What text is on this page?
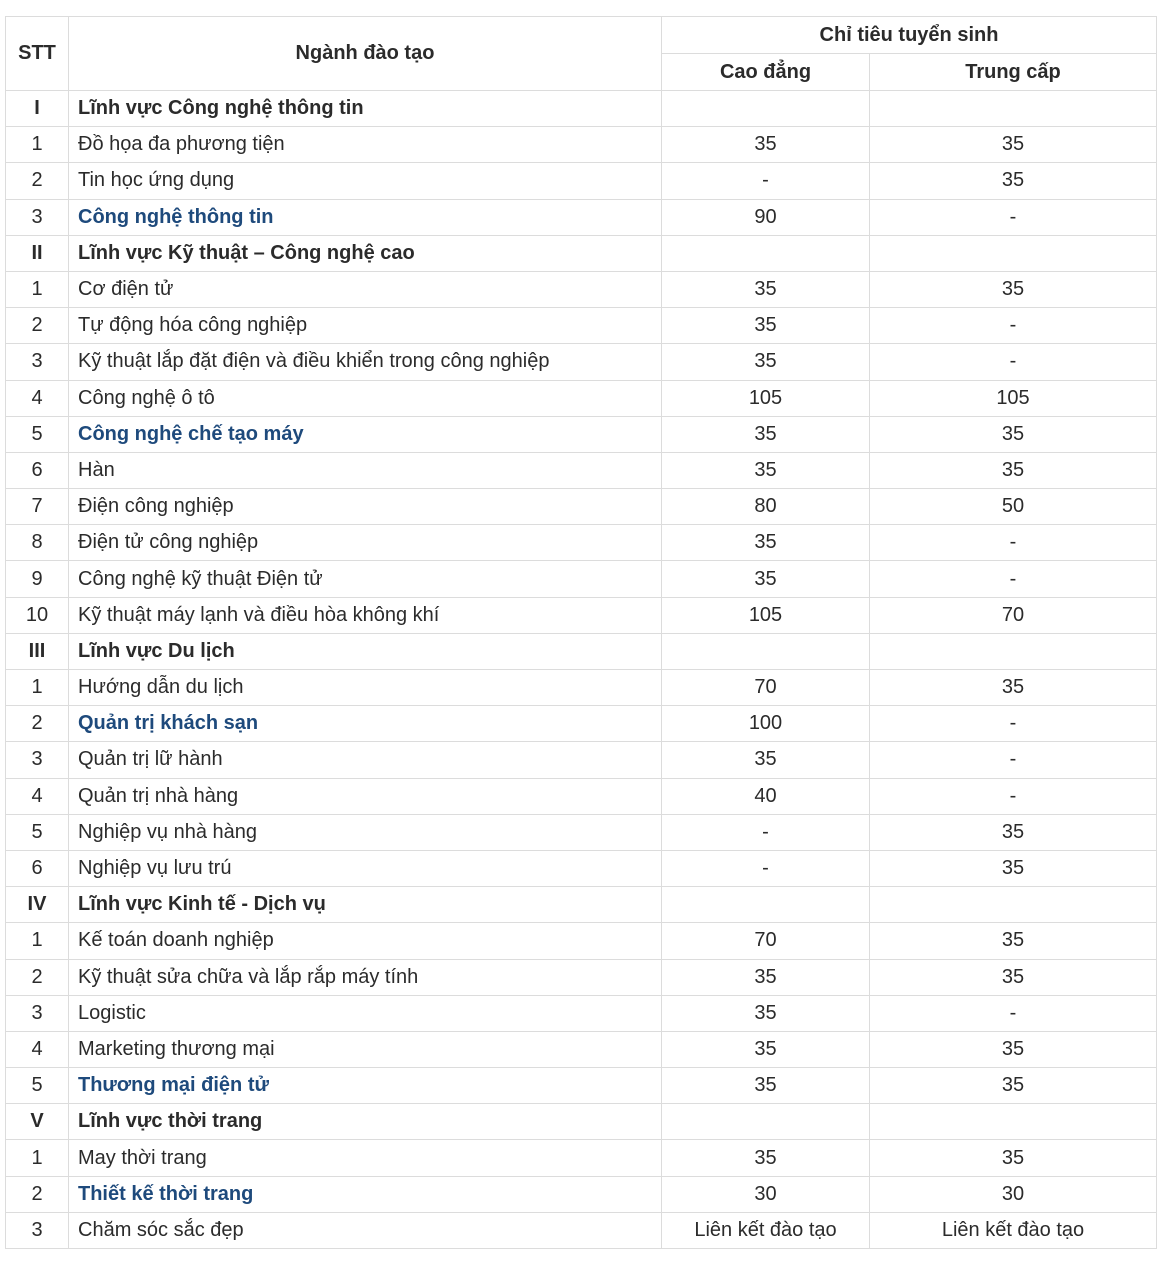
STT	Ngành đào tạo	Chỉ tiêu tuyển sinh	
		Cao đẳng	Trung cấp
I	Lĩnh vực Công nghệ thông tin		
1	Đồ họa đa phương tiện	35	35
2	Tin học ứng dụng	-	35
3	Công nghệ thông tin	90	-
II	Lĩnh vực Kỹ thuật – Công nghệ cao		
1	Cơ điện tử	35	35
2	Tự động hóa công nghiệp	35	-
3	Kỹ thuật lắp đặt điện và điều khiển trong công nghiệp	35	-
4	Công nghệ ô tô	105	105
5	Công nghệ chế tạo máy	35	35
6	Hàn	35	35
7	Điện công nghiệp	80	50
8	Điện tử công nghiệp	35	-
9	Công nghệ kỹ thuật Điện tử	35	-
10	Kỹ thuật máy lạnh và điều hòa không khí	105	70
III	Lĩnh vực Du lịch		
1	Hướng dẫn du lịch	70	35
2	Quản trị khách sạn	100	-
3	Quản trị lữ hành	35	-
4	Quản trị nhà hàng	40	-
5	Nghiệp vụ nhà hàng	-	35
6	Nghiệp vụ lưu trú	-	35
IV	Lĩnh vực Kinh tế - Dịch vụ		
1	Kế toán doanh nghiệp	70	35
2	Kỹ thuật sửa chữa và lắp rắp máy tính	35	35
3	Logistic	35	-
4	Marketing thương mại	35	35
5	Thương mại điện tử	35	35
V	Lĩnh vực thời trang		
1	May thời trang	35	35
2	Thiết kế thời trang	30	30
3	Chăm sóc sắc đẹp	Liên kết đào tạo	Liên kết đào tạo
